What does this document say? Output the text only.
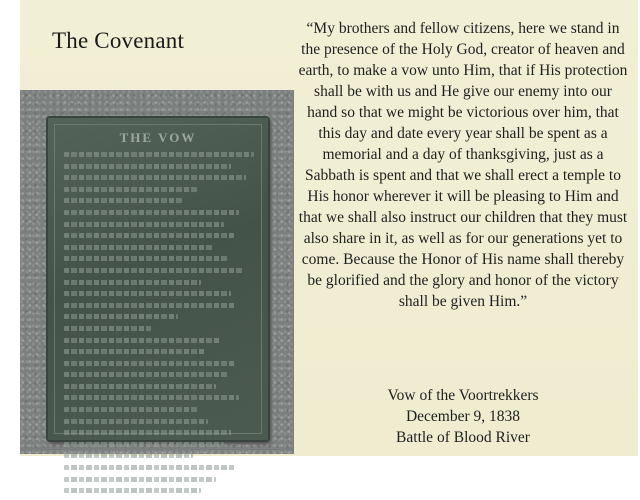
The Covenant
THE VOW
“My brothers and fellow citizens, here we stand in the presence of the Holy God, creator of heaven and earth, to make a vow unto Him, that if His protection shall be with us and He give our enemy into our hand so that we might be victorious over him, that this day and date every year shall be spent as a memorial and a day of thanksgiving, just as a Sabbath is spent and that we shall erect a temple to His honor wherever it will be pleasing to Him and that we shall also instruct our children that they must also share in it, as well as for our generations yet to come. Because the Honor of His name shall thereby be glorified and the glory and honor of the victory shall be given Him.”
Vow of the Voortrekkers
December 9, 1838
Battle of Blood River
